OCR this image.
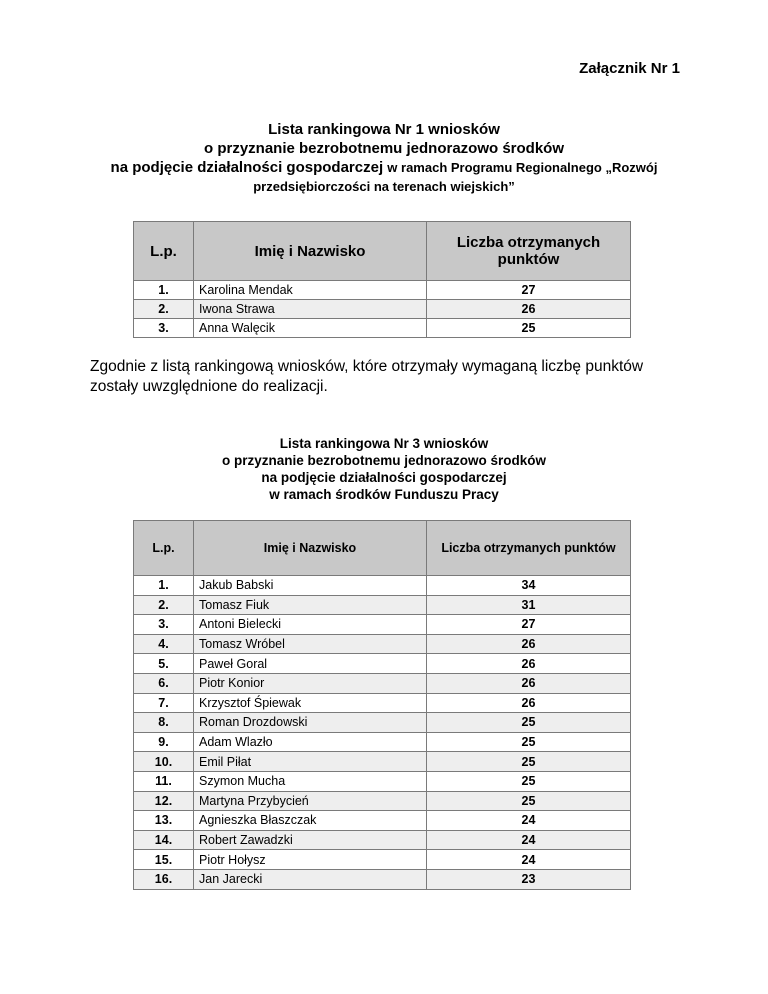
Załącznik Nr 1
Lista rankingowa Nr 1 wniosków
o przyznanie bezrobotnemu jednorazowo środków
na podjęcie działalności gospodarczej w ramach Programu Regionalnego „Rozwój
przedsiębiorczości na terenach wiejskich”
L.p.	Imię i Nazwisko	Liczba otrzymanych punktów
1.	Karolina Mendak	27
2.	Iwona Strawa	26
3.	Anna Walęcik	25
Zgodnie z listą rankingową wniosków, które otrzymały wymaganą liczbę punktów zostały uwzględnione do realizacji.
Lista rankingowa Nr 3 wniosków
o przyznanie bezrobotnemu jednorazowo środków
na podjęcie działalności gospodarczej
w ramach środków Funduszu Pracy
L.p.	Imię i Nazwisko	Liczba otrzymanych punktów
1.	Jakub Babski	34
2.	Tomasz Fiuk	31
3.	Antoni Bielecki	27
4.	Tomasz Wróbel	26
5.	Paweł Goral	26
6.	Piotr Konior	26
7.	Krzysztof Śpiewak	26
8.	Roman Drozdowski	25
9.	Adam Wlazło	25
10.	Emil Piłat	25
11.	Szymon Mucha	25
12.	Martyna Przybycień	25
13.	Agnieszka Błaszczak	24
14.	Robert Zawadzki	24
15.	Piotr Hołysz	24
16.	Jan Jarecki	23
